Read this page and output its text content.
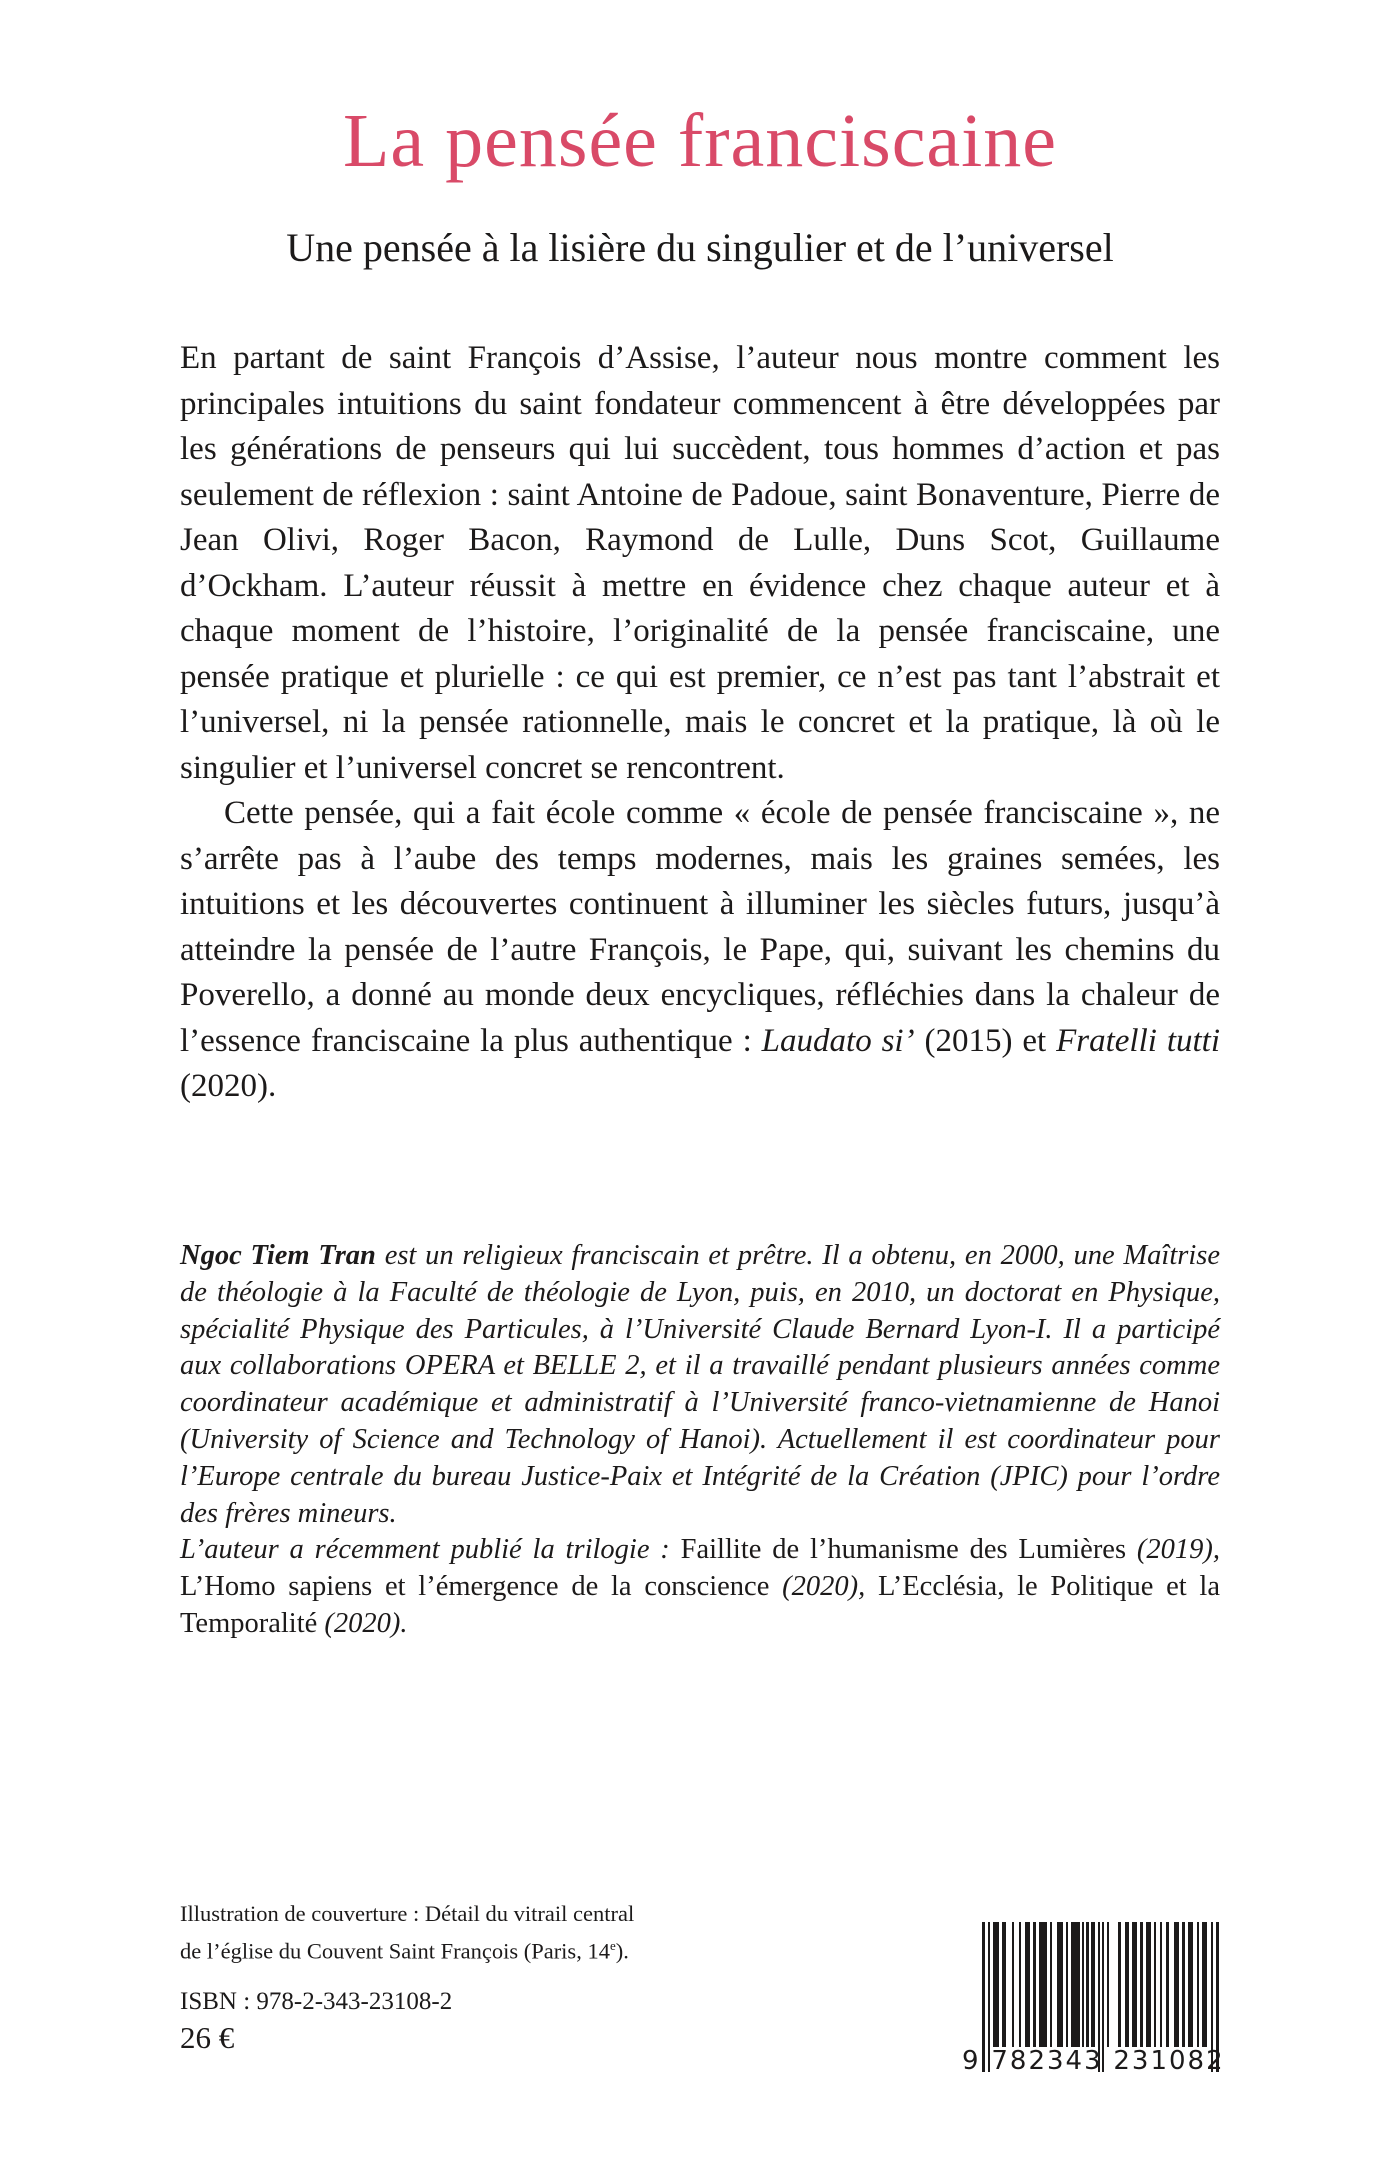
La pensée franciscaine
Une pensée à la lisière du singulier et de l’universel

En partant de saint François d’Assise, l’auteur nous montre comment les principales intuitions du saint fondateur commencent à être développées par les générations de penseurs qui lui succèdent, tous hommes d’action et pas seulement de réflexion : saint Antoine de Padoue, saint Bonaventure, Pierre de Jean Olivi, Roger Bacon, Raymond de Lulle, Duns Scot, Guillaume d’Ockham. L’auteur réussit à mettre en évidence chez chaque auteur et à chaque moment de l’histoire, l’originalité de la pensée franciscaine, une pensée pratique et plurielle : ce qui est premier, ce n’est pas tant l’abstrait et l’universel, ni la pensée rationnelle, mais le concret et la pratique, là où le singulier et l’universel concret se rencontrent.

Cette pensée, qui a fait école comme « école de pensée franciscaine », ne s’arrête pas à l’aube des temps modernes, mais les graines semées, les intuitions et les découvertes continuent à illuminer les siècles futurs, jusqu’à atteindre la pensée de l’autre François, le Pape, qui, suivant les chemins du Poverello, a donné au monde deux encycliques, réfléchies dans la chaleur de l’essence franciscaine la plus authentique : Laudato si’ (2015) et Fratelli tutti (2020).

Ngoc Tiem Tran est un religieux franciscain et prêtre. Il a obtenu, en 2000, une Maîtrise de théologie à la Faculté de théologie de Lyon, puis, en 2010, un doctorat en Physique, spécialité Physique des Particules, à l’Université Claude Bernard Lyon-I. Il a participé aux collaborations OPERA et BELLE 2, et il a travaillé pendant plusieurs années comme coordinateur académique et administratif à l’Université franco-vietnamienne de Hanoi (University of Science and Technology of Hanoi). Actuellement il est coordinateur pour l’Europe centrale du bureau Justice-Paix et Intégrité de la Création (JPIC) pour l’ordre des frères mineurs.

L’auteur a récemment publié la trilogie : Faillite de l’humanisme des Lumières (2019), L’Homo sapiens et l’émergence de la conscience (2020), L’Ecclésia, le Politique et la Temporalité (2020).

Illustration de couverture : Détail du vitrail central
de l’église du Couvent Saint François (Paris, 14e).
ISBN : 978-2-343-23108-2
26 €
9 782343 231082
